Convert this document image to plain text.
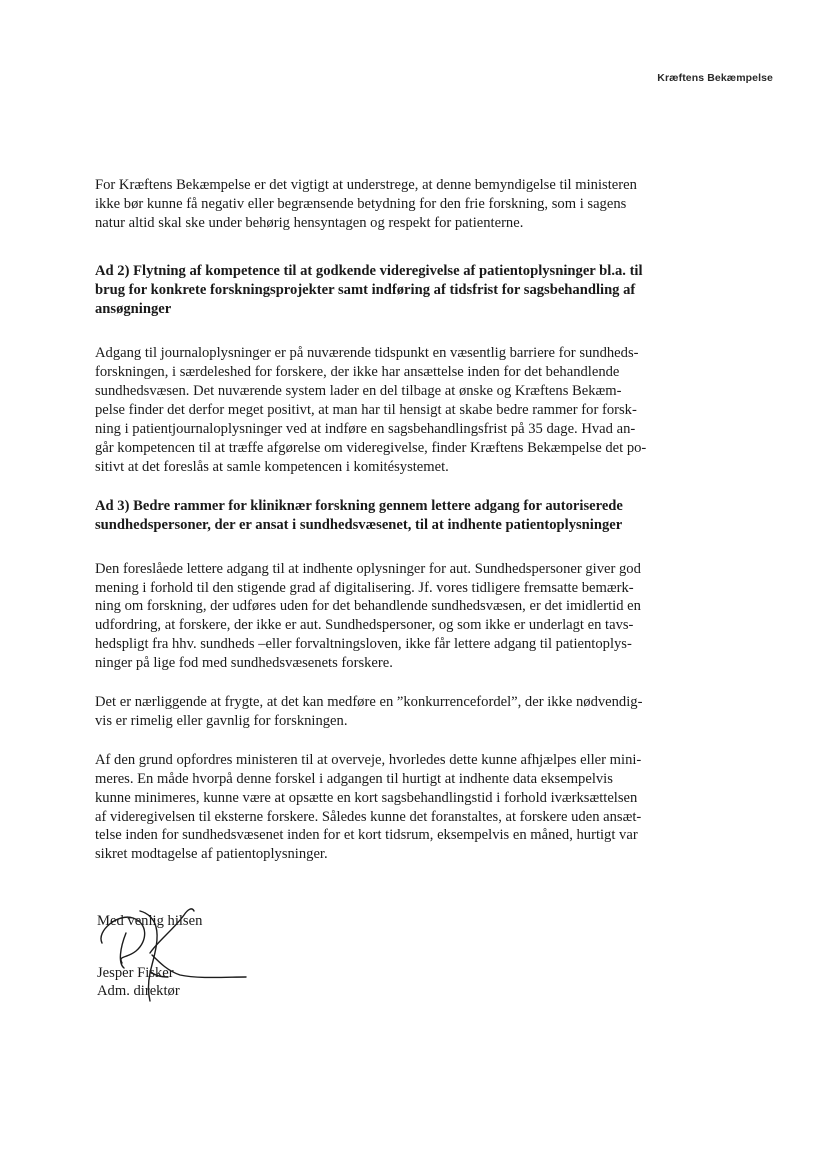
Kræftens Bekæmpelse

For Kræftens Bekæmpelse er det vigtigt at understrege, at denne bemyndigelse til ministeren
ikke bør kunne få negativ eller begrænsende betydning for den frie forskning, som i sagens
natur altid skal ske under behørig hensyntagen og respekt for patienterne.

Ad 2) Flytning af kompetence til at godkende videregivelse af patientoplysninger bl.a. til
brug for konkrete forskningsprojekter samt indføring af tidsfrist for sagsbehandling af
ansøgninger

Adgang til journaloplysninger er på nuværende tidspunkt en væsentlig barriere for sundheds-
forskningen, i særdeleshed for forskere, der ikke har ansættelse inden for det behandlende
sundhedsvæsen. Det nuværende system lader en del tilbage at ønske og Kræftens Bekæm-
pelse finder det derfor meget positivt, at man har til hensigt at skabe bedre rammer for forsk-
ning i patientjournaloplysninger ved at indføre en sagsbehandlingsfrist på 35 dage. Hvad an-
går kompetencen til at træffe afgørelse om videregivelse, finder Kræftens Bekæmpelse det po-
sitivt at det foreslås at samle kompetencen i komitésystemet.

Ad 3) Bedre rammer for kliniknær forskning gennem lettere adgang for autoriserede
sundhedspersoner, der er ansat i sundhedsvæsenet, til at indhente patientoplysninger

Den foreslåede lettere adgang til at indhente oplysninger for aut. Sundhedspersoner giver god
mening i forhold til den stigende grad af digitalisering. Jf. vores tidligere fremsatte bemærk-
ning om forskning, der udføres uden for det behandlende sundhedsvæsen, er det imidlertid en
udfordring, at forskere, der ikke er aut. Sundhedspersoner, og som ikke er underlagt en tavs-
hedspligt fra hhv. sundheds –eller forvaltningsloven, ikke får lettere adgang til patientoplys-
ninger på lige fod med sundhedsvæsenets forskere.

Det er nærliggende at frygte, at det kan medføre en ”konkurrencefordel”, der ikke nødvendig-
vis er rimelig eller gavnlig for forskningen.

Af den grund opfordres ministeren til at overveje, hvorledes dette kunne afhjælpes eller mini-
meres. En måde hvorpå denne forskel i adgangen til hurtigt at indhente data eksempelvis
kunne minimeres, kunne være at opsætte en kort sagsbehandlingstid i forhold iværksættelsen
af videregivelsen til eksterne forskere. Således kunne det foranstaltes, at forskere uden ansæt-
telse inden for sundhedsvæsenet inden for et kort tidsrum, eksempelvis en måned, hurtigt var
sikret modtagelse af patientoplysninger.

Med venlig hilsen
Jesper Fisker
Adm. direktør
